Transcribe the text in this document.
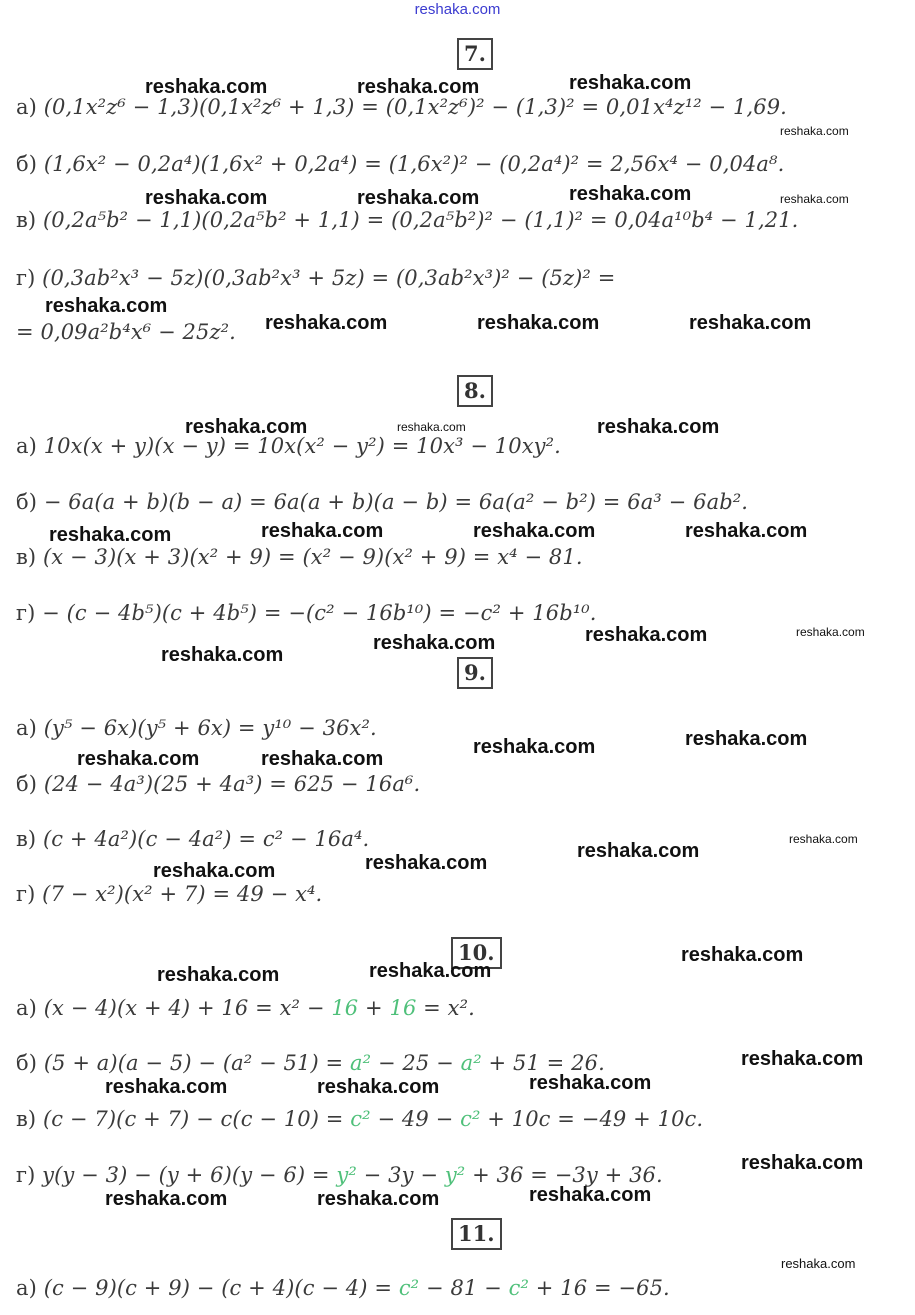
reshaka.com
7.
а) (0,1x²z⁶ − 1,3)(0,1x²z⁶ + 1,3) = (0,1x²z⁶)² − (1,3)² = 0,01x⁴z¹² − 1,69.
б) (1,6x² − 0,2a⁴)(1,6x² + 0,2a⁴) = (1,6x²)² − (0,2a⁴)² = 2,56x⁴ − 0,04a⁸.
в) (0,2a⁵b² − 1,1)(0,2a⁵b² + 1,1) = (0,2a⁵b²)² − (1,1)² = 0,04a¹⁰b⁴ − 1,21.
г) (0,3ab²x³ − 5z)(0,3ab²x³ + 5z) = (0,3ab²x³)² − (5z)² =
= 0,09a²b⁴x⁶ − 25z².
8.
а) 10x(x + y)(x − y) = 10x(x² − y²) = 10x³ − 10xy².
б) − 6a(a + b)(b − a) = 6a(a + b)(a − b) = 6a(a² − b²) = 6a³ − 6ab².
в) (x − 3)(x + 3)(x² + 9) = (x² − 9)(x² + 9) = x⁴ − 81.
г) − (c − 4b⁵)(c + 4b⁵) = −(c² − 16b¹⁰) = −c² + 16b¹⁰.
9.
а) (y⁵ − 6x)(y⁵ + 6x) = y¹⁰ − 36x².
б) (24 − 4a³)(25 + 4a³) = 625 − 16a⁶.
в) (c + 4a²)(c − 4a²) = c² − 16a⁴.
г) (7 − x²)(x² + 7) = 49 − x⁴.
10.
а) (x − 4)(x + 4) + 16 = x² − 16 + 16 = x².
б) (5 + a)(a − 5) − (a² − 51) = a² − 25 − a² + 51 = 26.
в) (c − 7)(c + 7) − c(c − 10) = c² − 49 − c² + 10c = −49 + 10c.
г) y(y − 3) − (y + 6)(y − 6) = y² − 3y − y² + 36 = −3y + 36.
11.
а) (c − 9)(c + 9) − (c + 4)(c − 4) = c² − 81 − c² + 16 = −65.
reshaka.com	reshaka.com	reshaka.com
reshaka.com
reshaka.com	reshaka.com	reshaka.com	reshaka.com
reshaka.com
reshaka.com	reshaka.com	reshaka.com
reshaka.com	reshaka.com	reshaka.com
reshaka.com	reshaka.com	reshaka.com	reshaka.com
reshaka.com	reshaka.com	reshaka.com
reshaka.com
reshaka.com	reshaka.com
reshaka.com	reshaka.com
reshaka.com
reshaka.com
reshaka.com
reshaka.com
reshaka.com
reshaka.com
reshaka.com
reshaka.com
reshaka.com	reshaka.com	reshaka.com
reshaka.com
reshaka.com	reshaka.com	reshaka.com
reshaka.com
